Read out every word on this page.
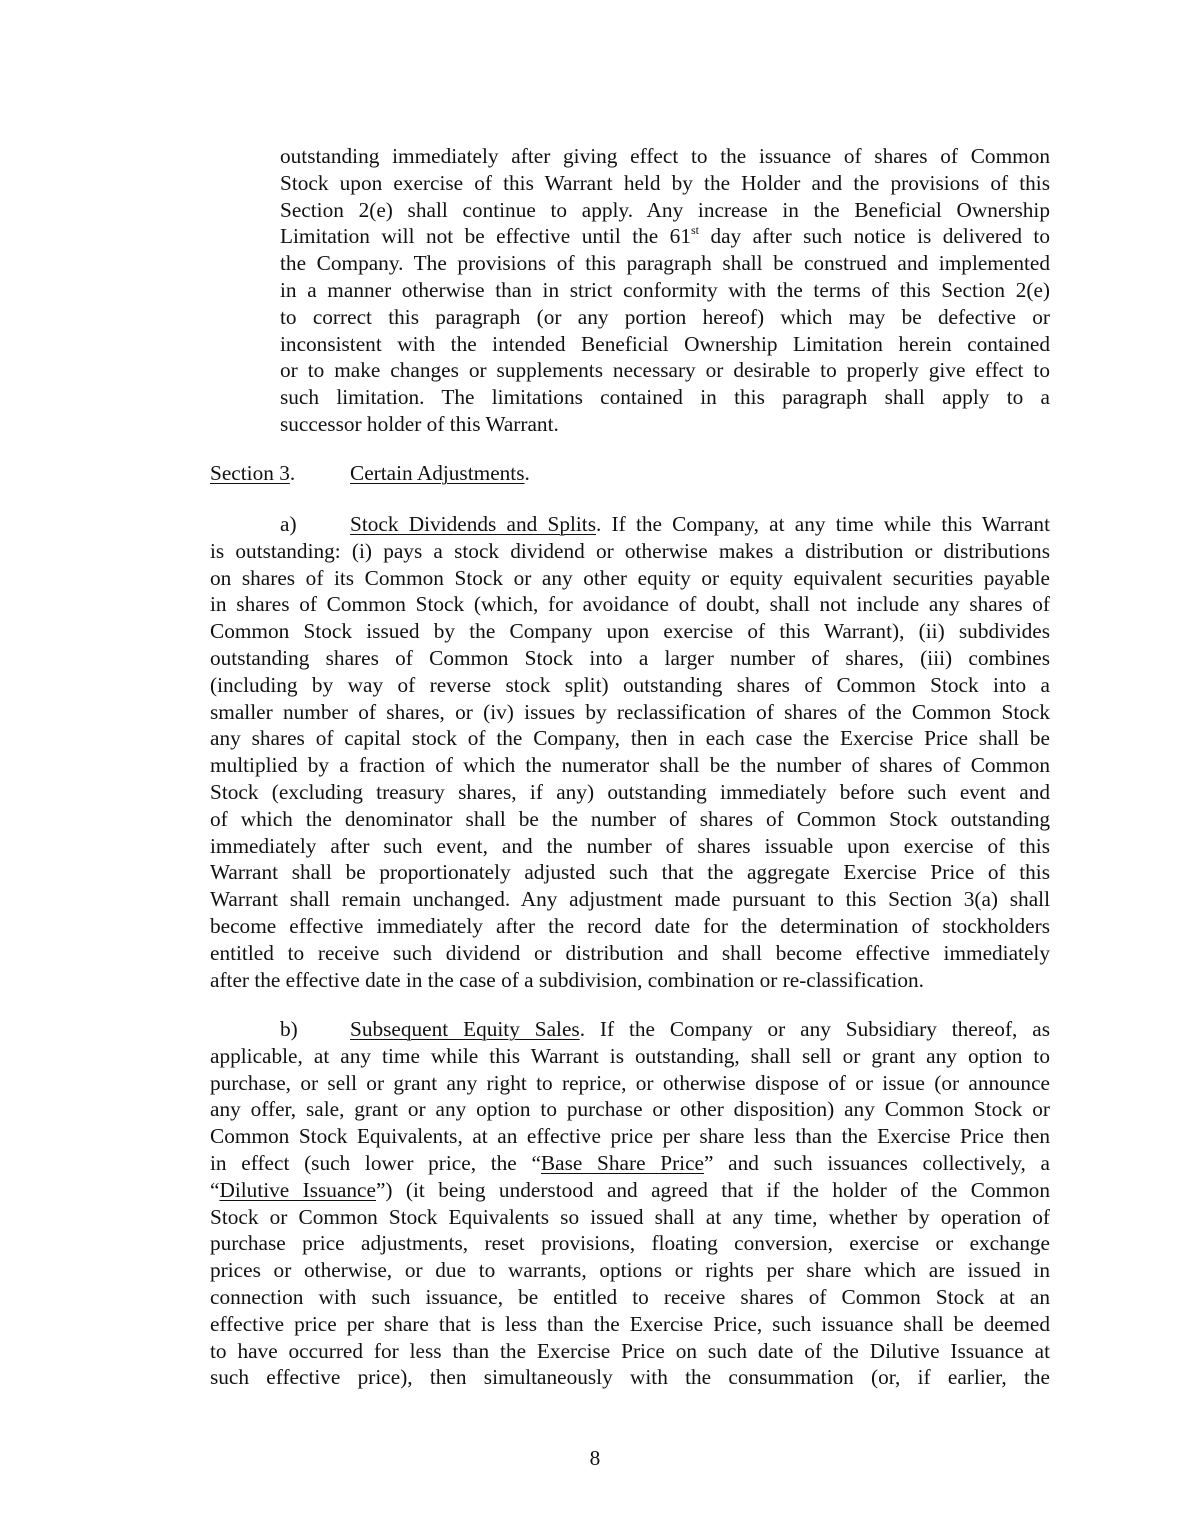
outstanding immediately after giving effect to the issuance of shares of Common
Stock upon exercise of this Warrant held by the Holder and the provisions of this
Section 2(e) shall continue to apply. Any increase in the Beneficial Ownership
Limitation will not be effective until the 61st day after such notice is delivered to
the Company. The provisions of this paragraph shall be construed and implemented
in a manner otherwise than in strict conformity with the terms of this Section 2(e)
to correct this paragraph (or any portion hereof) which may be defective or
inconsistent with the intended Beneficial Ownership Limitation herein contained
or to make changes or supplements necessary or desirable to properly give effect to
such limitation. The limitations contained in this paragraph shall apply to a
successor holder of this Warrant.
Section 3.	Certain Adjustments.
a)	Stock Dividends and Splits. If the Company, at any time while this Warrant
is outstanding: (i) pays a stock dividend or otherwise makes a distribution or distributions
on shares of its Common Stock or any other equity or equity equivalent securities payable
in shares of Common Stock (which, for avoidance of doubt, shall not include any shares of
Common Stock issued by the Company upon exercise of this Warrant), (ii) subdivides
outstanding shares of Common Stock into a larger number of shares, (iii) combines
(including by way of reverse stock split) outstanding shares of Common Stock into a
smaller number of shares, or (iv) issues by reclassification of shares of the Common Stock
any shares of capital stock of the Company, then in each case the Exercise Price shall be
multiplied by a fraction of which the numerator shall be the number of shares of Common
Stock (excluding treasury shares, if any) outstanding immediately before such event and
of which the denominator shall be the number of shares of Common Stock outstanding
immediately after such event, and the number of shares issuable upon exercise of this
Warrant shall be proportionately adjusted such that the aggregate Exercise Price of this
Warrant shall remain unchanged. Any adjustment made pursuant to this Section 3(a) shall
become effective immediately after the record date for the determination of stockholders
entitled to receive such dividend or distribution and shall become effective immediately
after the effective date in the case of a subdivision, combination or re-classification.
b) Subsequent Equity Sales. If the Company or any Subsidiary thereof, as
applicable, at any time while this Warrant is outstanding, shall sell or grant any option to
purchase, or sell or grant any right to reprice, or otherwise dispose of or issue (or announce
any offer, sale, grant or any option to purchase or other disposition) any Common Stock or
Common Stock Equivalents, at an effective price per share less than the Exercise Price then
in effect (such lower price, the “Base Share Price” and such issuances collectively, a
“Dilutive Issuance”) (it being understood and agreed that if the holder of the Common
Stock or Common Stock Equivalents so issued shall at any time, whether by operation of
purchase price adjustments, reset provisions, floating conversion, exercise or exchange
prices or otherwise, or due to warrants, options or rights per share which are issued in
connection with such issuance, be entitled to receive shares of Common Stock at an
effective price per share that is less than the Exercise Price, such issuance shall be deemed
to have occurred for less than the Exercise Price on such date of the Dilutive Issuance at
such effective price), then simultaneously with the consummation (or, if earlier, the
8
